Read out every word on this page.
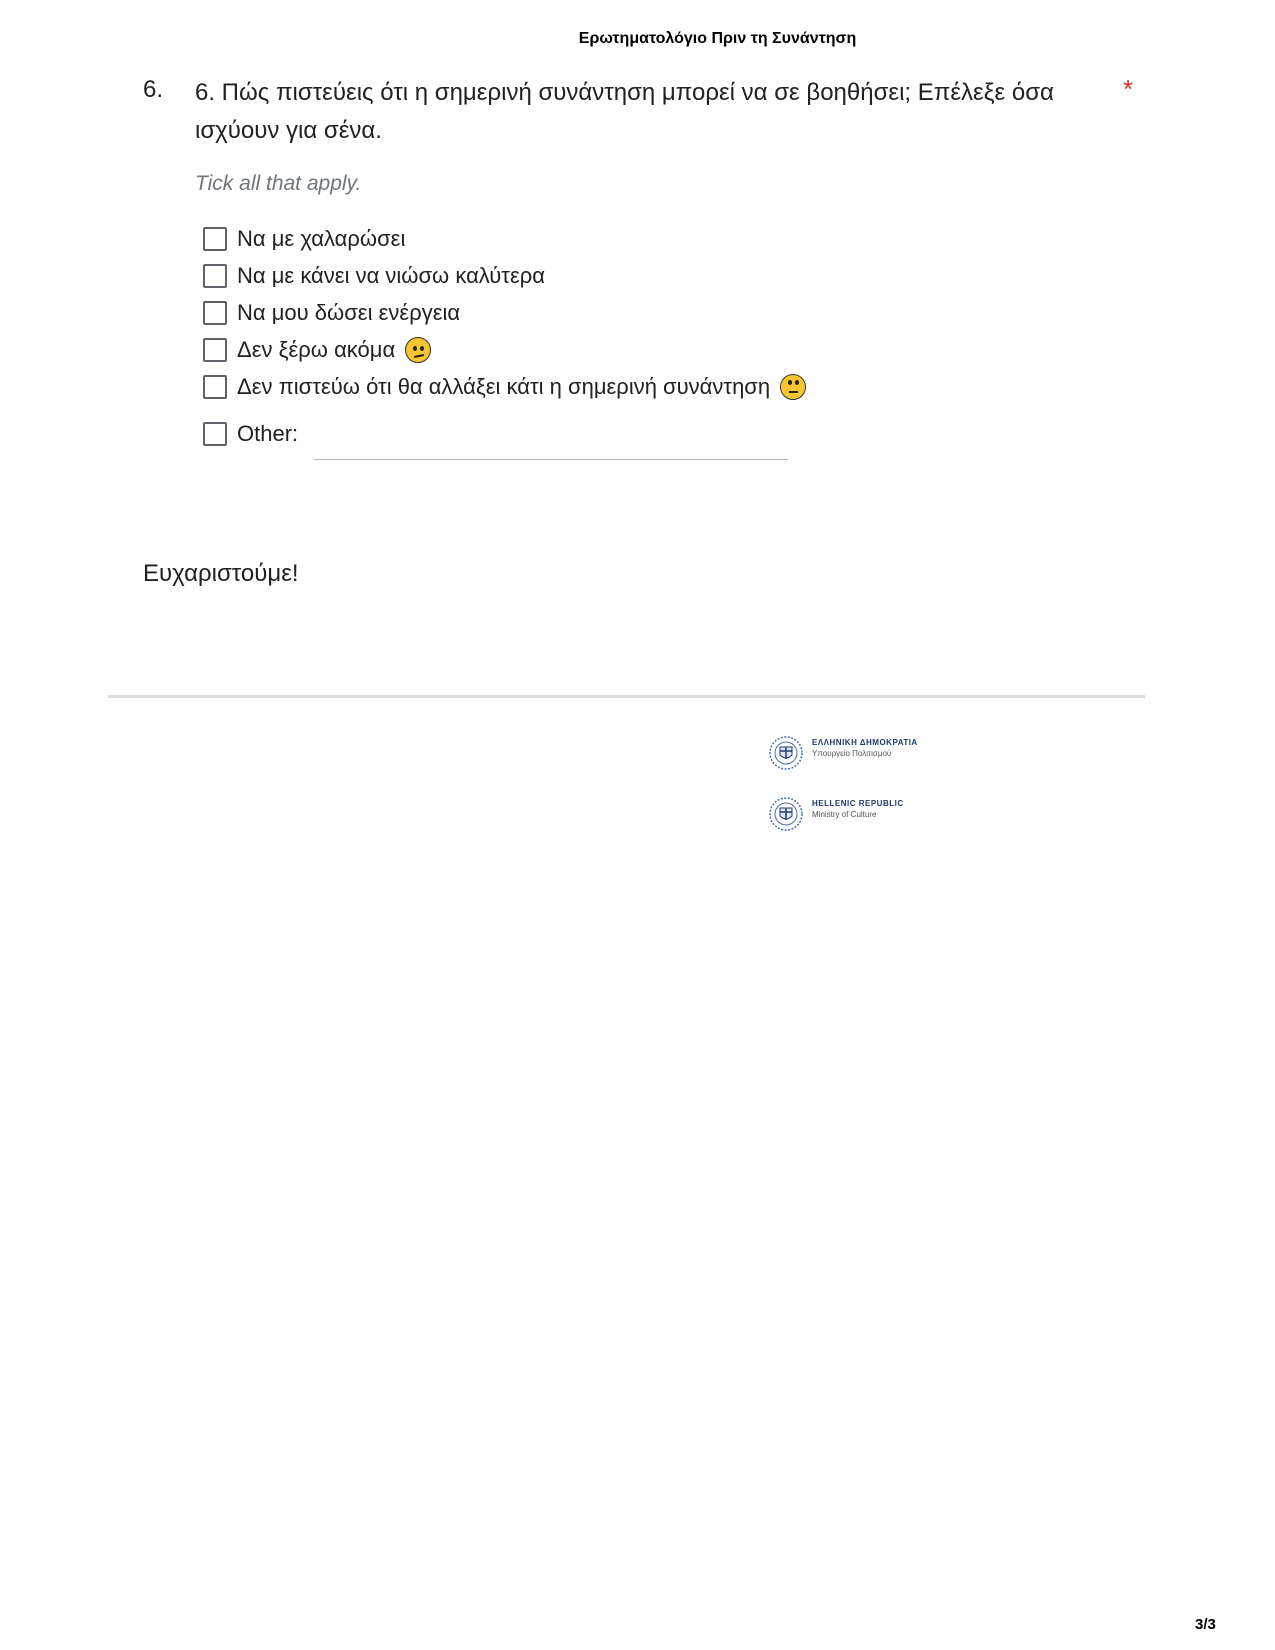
Ερωτηματολόγιο Πριν τη Συνάντηση
6. 6. Πώς πιστεύεις ότι η σημερινή συνάντηση μπορεί να σε βοηθήσει; Επέλεξε όσα ισχύουν για σένα.
*
Tick all that apply.
Να με χαλαρώσει
Να με κάνει να νιώσω καλύτερα
Να μου δώσει ενέργεια
Δεν ξέρω ακόμα
Δεν πιστεύω ότι θα αλλάξει κάτι η σημερινή συνάντηση
Other:
Ευχαριστούμε!
ΕΛΛΗΝΙΚΗ ΔΗΜΟΚΡΑΤΙΑ
Υπουργείο Πολιτισμού
HELLENIC REPUBLIC
Ministry of Culture
3/3
